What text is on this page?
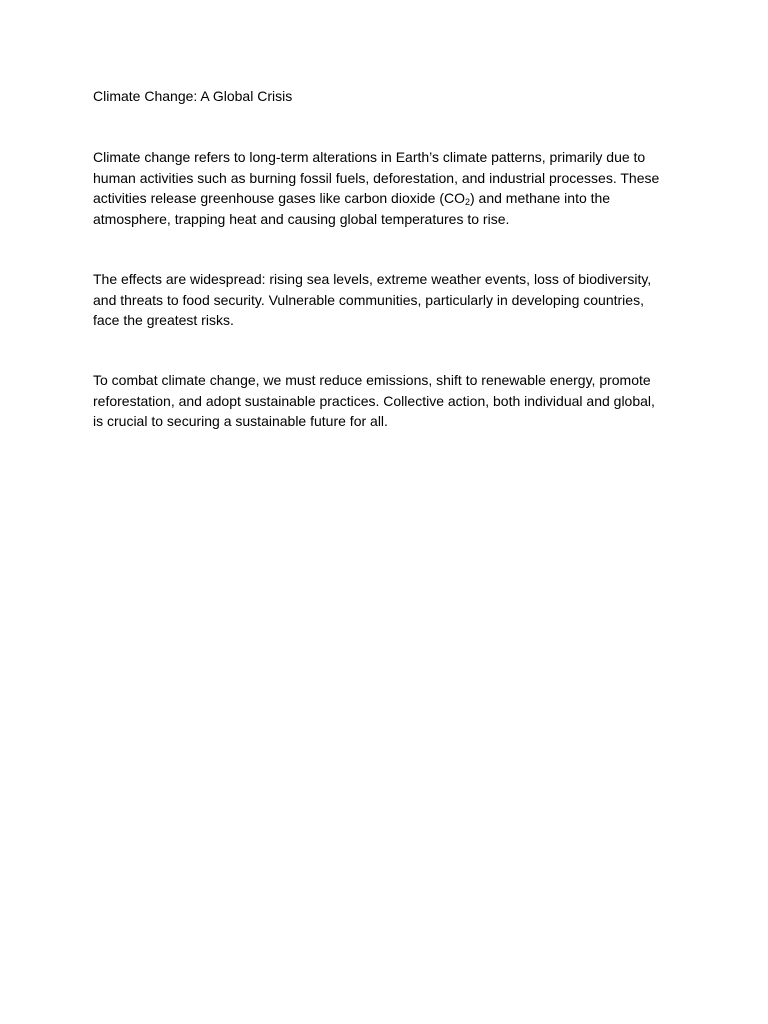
Climate Change: A Global Crisis

Climate change refers to long-term alterations in Earth’s climate patterns, primarily due to
human activities such as burning fossil fuels, deforestation, and industrial processes. These
activities release greenhouse gases like carbon dioxide $(CO_2)$ and methane into the
atmosphere, trapping heat and causing global temperatures to rise.

The effects are widespread: rising sea levels, extreme weather events, loss of biodiversity,
and threats to food security. Vulnerable communities, particularly in developing countries,
face the greatest risks.

To combat climate change, we must reduce emissions, shift to renewable energy, promote
reforestation, and adopt sustainable practices. Collective action, both individual and global,
is crucial to securing a sustainable future for all.
